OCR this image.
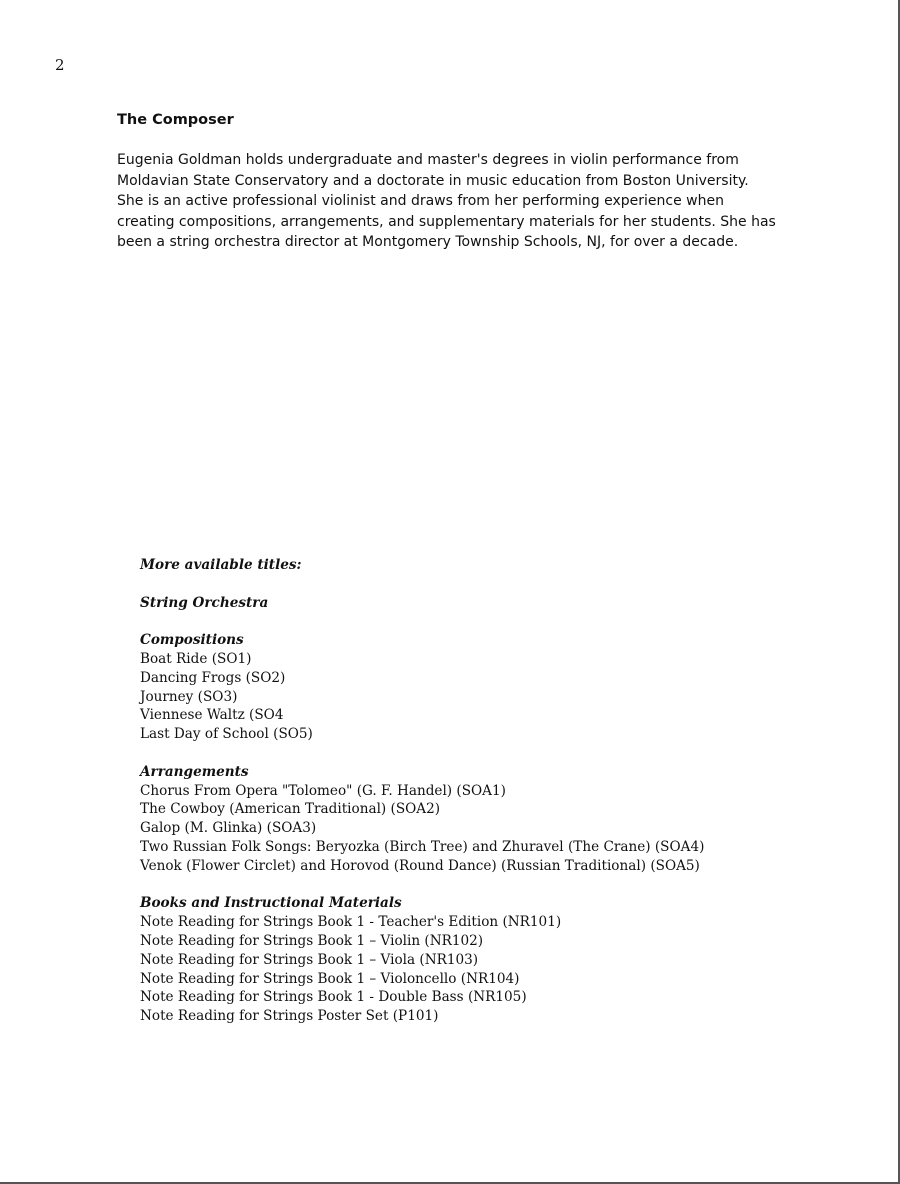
2
The Composer
Eugenia Goldman holds undergraduate and master's degrees in violin performance from
Moldavian State Conservatory and a doctorate in music education from Boston University.
She is an active professional violinist and draws from her performing experience when
creating compositions, arrangements, and supplementary materials for her students. She has
been a string orchestra director at Montgomery Township Schools, NJ, for over a decade.
More available titles:
String Orchestra
Compositions
Boat Ride (SO1)
Dancing Frogs (SO2)
Journey (SO3)
Viennese Waltz (SO4
Last Day of School (SO5)
Arrangements
Chorus From Opera "Tolomeo" (G. F. Handel) (SOA1)
The Cowboy (American Traditional) (SOA2)
Galop (M. Glinka) (SOA3)
Two Russian Folk Songs: Beryozka (Birch Tree) and Zhuravel (The Crane) (SOA4)
Venok (Flower Circlet) and Horovod (Round Dance) (Russian Traditional) (SOA5)
Books and Instructional Materials
Note Reading for Strings Book 1 - Teacher's Edition (NR101)
Note Reading for Strings Book 1 – Violin (NR102)
Note Reading for Strings Book 1 – Viola (NR103)
Note Reading for Strings Book 1 – Violoncello (NR104)
Note Reading for Strings Book 1 - Double Bass (NR105)
Note Reading for Strings Poster Set (P101)
